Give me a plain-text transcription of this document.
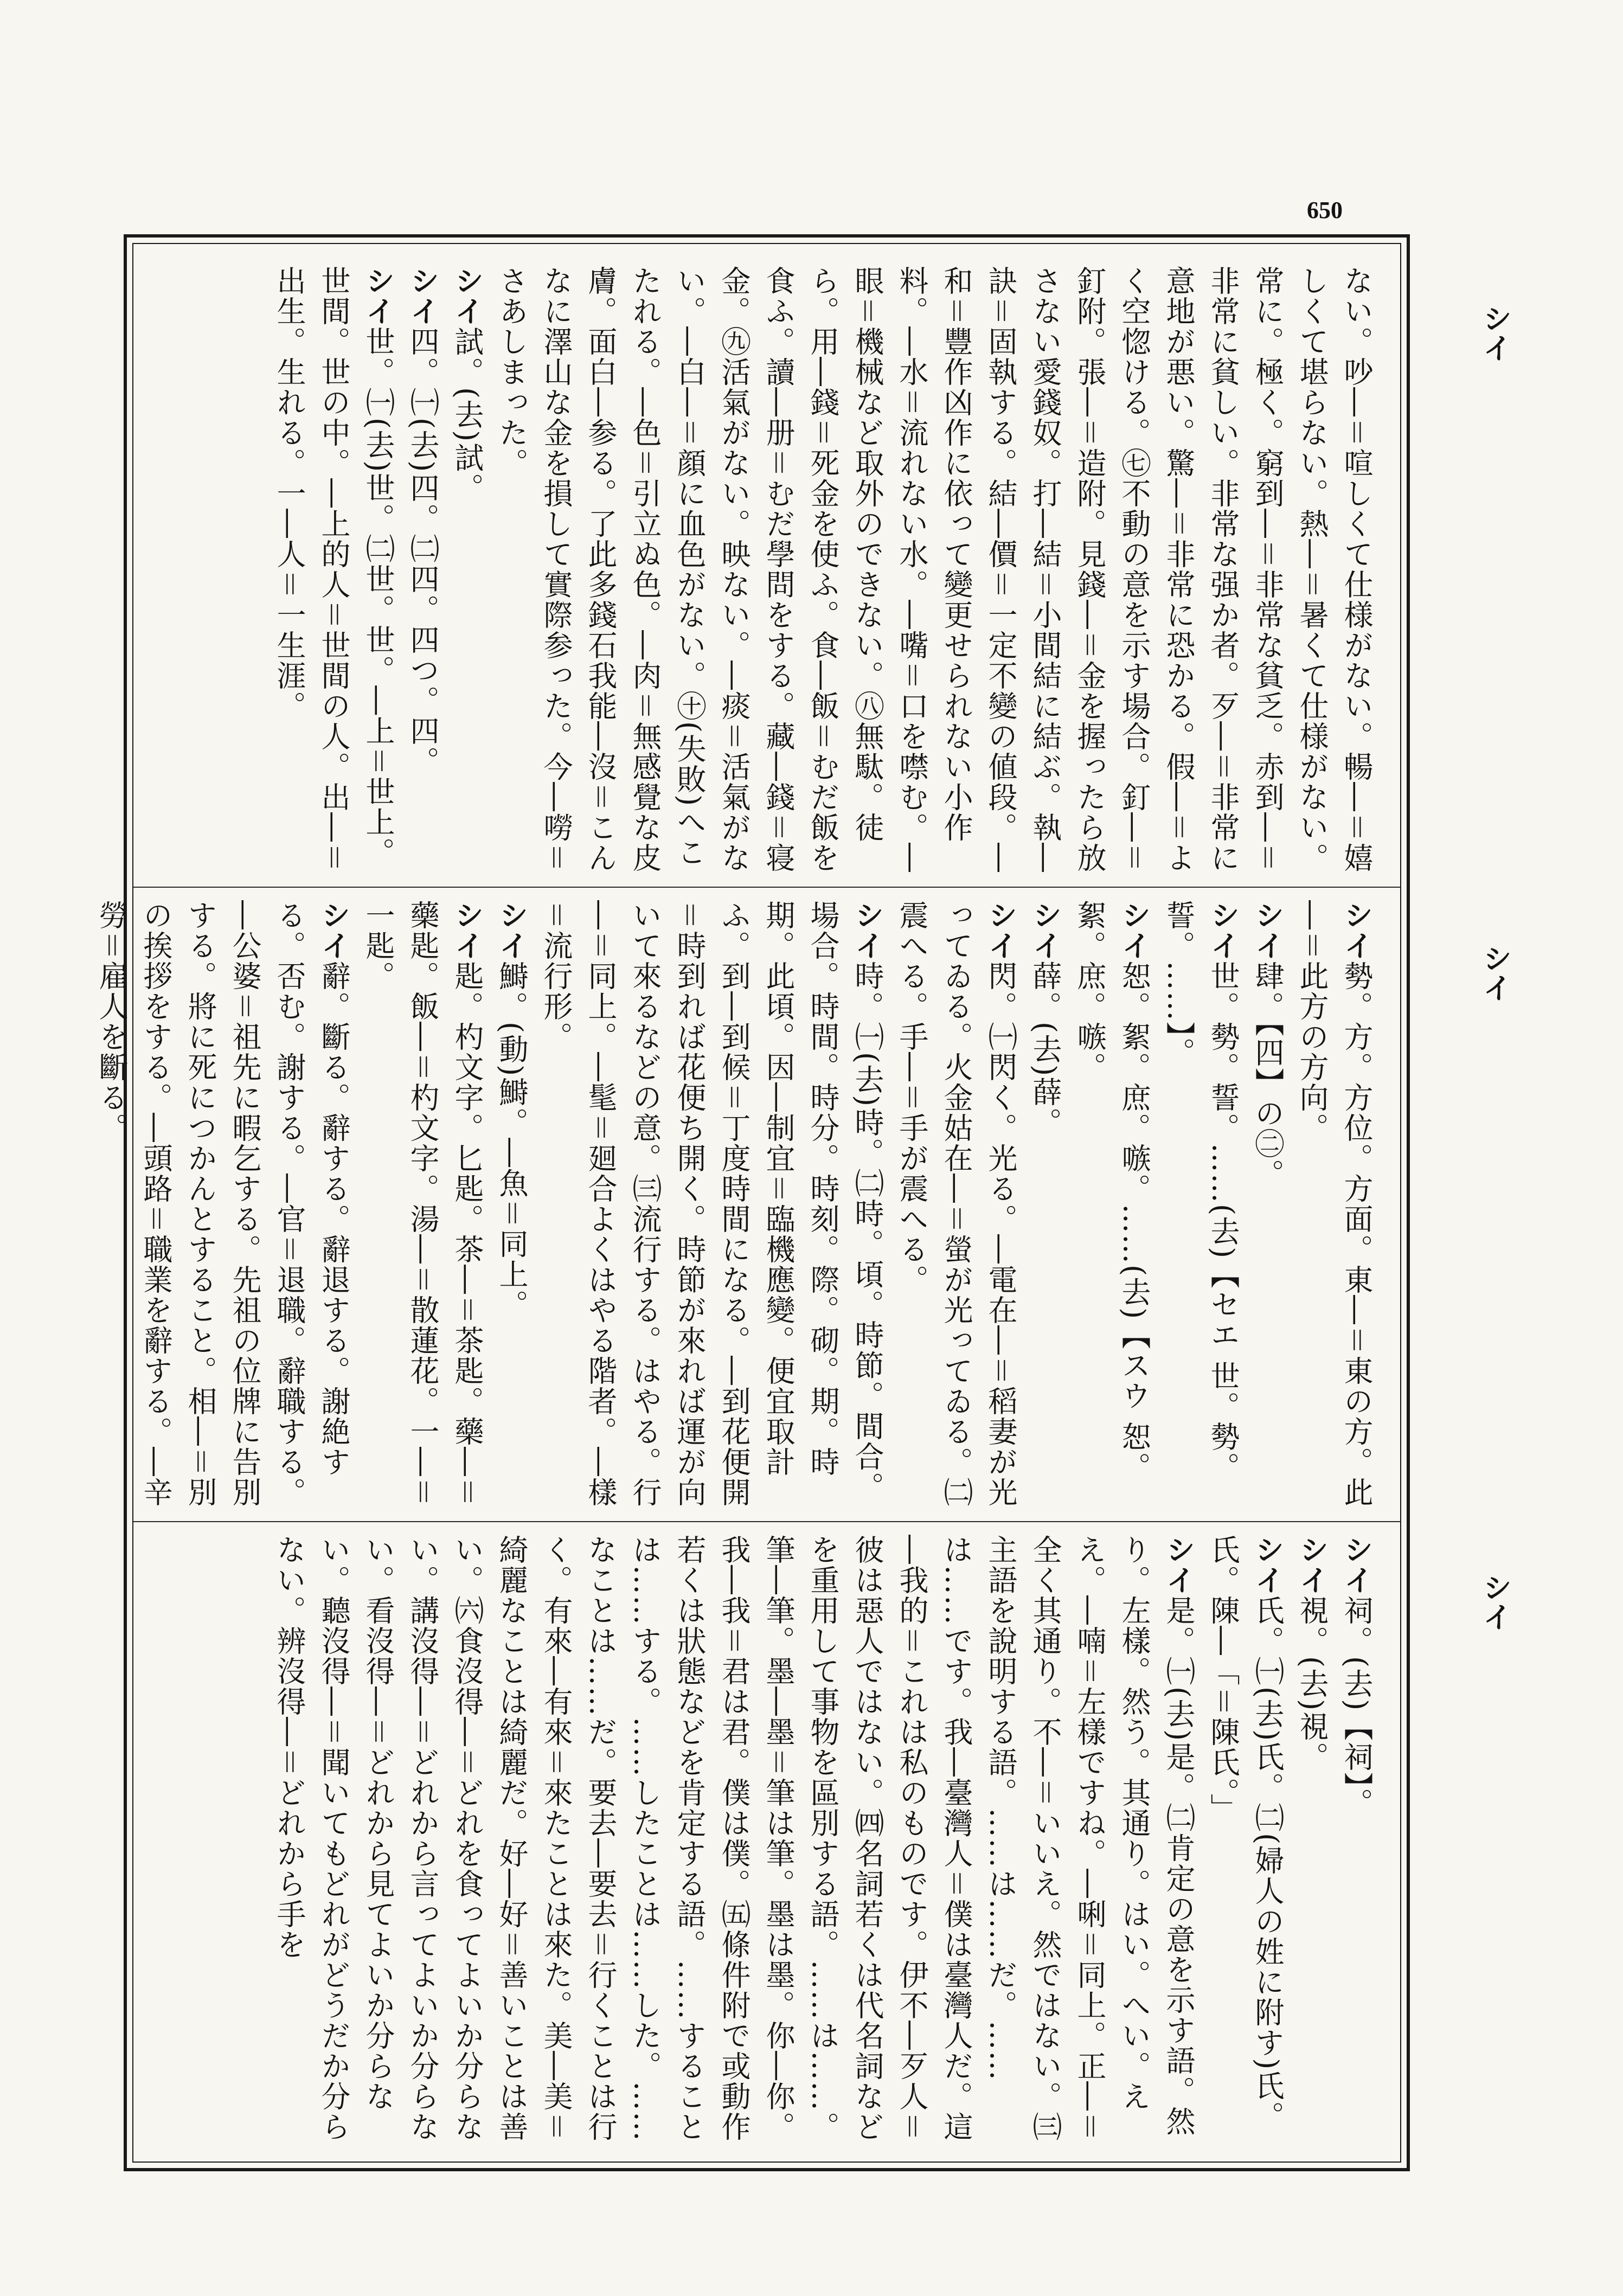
650
シイ
シイ
シイ
ない。吵―＝喧しくて仕様がない。暢―＝嬉しくて堪らない。熱―＝暑くて仕様がない。
常に。極く。窮到―＝非常な貧乏。赤到―＝非常に貧しい。非常な强か者。歹―＝非常に意地が悪い。驚―＝非常に恐かる。假―＝よく空惚ける。㊆不動の意を示す場合。釘―＝釘附。張―＝造附。見錢―＝金を握ったら放さない愛錢奴。打―結＝小間結に結ぶ。執―訣＝固執する。結―價＝一定不變の値段。―和＝豐作凶作に依って變更せられない小作料。―水＝流れない水。―嘴＝口を噤む。―眼＝機械など取外のできない。㊇無駄。徒ら。用―錢＝死金を使ふ。食―飯＝むだ飯を食ふ。讀―册＝むだ學問をする。藏―錢＝寝金。㊈活氣がない。映ない。―痰＝活氣がない。―白―＝顔に血色がない。㊉(失敗)へこたれる。―色＝引立ぬ色。―肉＝無感覺な皮膚。面白―参る。了此多錢石我能―沒＝こんなに澤山な金を損して實際参った。今―嘮＝さあしまった。
シイ試。(去)試。
シイ四。㈠(去)四。㈡四。四つ。四。
シイ世。㈠(去)世。㈡世。世。―上＝世上。世間。世の中。―上的人＝世間の人。出―＝出生。生れる。一―人＝一生涯。
シイ勢。方。方位。方面。東―＝東の方。此―＝此方の方向。
シイ肆。【四】の㊁。
シイ世。勢。誓。……(去)【セエ 世。勢。誓。……】。
シイ恕。絮。庶。嗾。……(去)【スウ 恕。絮。庶。嗾。
シイ薛。(去)薛。
シイ閃。㈠閃く。光る。―電在―＝稻妻が光ってゐる。火金姑在―＝螢が光ってゐる。㈡震へる。手―＝手が震へる。
シイ時。㈠(去)時。㈡時。頃。時節。間合。場合。時間。時分。時刻。際。砌。期。時期。此頃。因―制宜＝臨機應變。便宜取計ふ。到―到候＝丁度時間になる。―到花便開＝時到れば花便ち開く。時節が來れば運が向いて來るなどの意。㈢流行する。はやる。行―＝同上。―髦＝廻合よくはやる階者。―樣＝流行形。
シイ鰣。(動)鰣。―魚＝同上。
シイ匙。杓文字。匕匙。茶―＝茶匙。藥―＝藥匙。飯―＝杓文字。湯―＝散蓮花。一―＝一匙。
シイ辭。斷る。辭する。辭退する。謝絶する。否む。謝する。―官＝退職。辭職する。―公婆＝祖先に暇乞する。先祖の位牌に告別する。將に死につかんとすること。相―＝別の挨拶をする。―頭路＝職業を辭する。―辛勞＝雇人を斷る。
シイ祠。(去)【祠】。
シイ視。(去)視。
シイ氏。㈠(去)氏。㈡(婦人の姓に附す)氏。氏。陳―「＝陳氏。」
シイ是。㈠(去)是。㈡肯定の意を示す語。然り。左樣。然う。其通り。はい。へい。ええ。―喃＝左樣ですね。―唎＝同上。正―＝全く其通り。不―＝いいえ。然ではない。㈢主語を說明する語。……は……だ。……は……です。我―臺灣人＝僕は臺灣人だ。這―我的＝これは私のものです。伊不―歹人＝彼は惡人ではない。㈣名詞若くは代名詞などを重用して事物を區別する語。……は……。筆―筆。墨―墨＝筆は筆。墨は墨。你―你。我―我＝君は君。僕は僕。㈤條件附で或動作若くは狀態などを肯定する語。……することは……する。……したことは……した。……なことは……だ。要去―要去＝行くことは行く。有來―有來＝來たことは來た。美―美＝綺麗なことは綺麗だ。好―好＝善いことは善い。㈥食沒得―＝どれを食ってよいか分らない。講沒得―＝どれから言ってよいか分らない。看沒得―＝どれから見てよいか分らない。聽沒得―＝聞いてもどれがどうだか分らない。辨沒得―＝どれから手を
